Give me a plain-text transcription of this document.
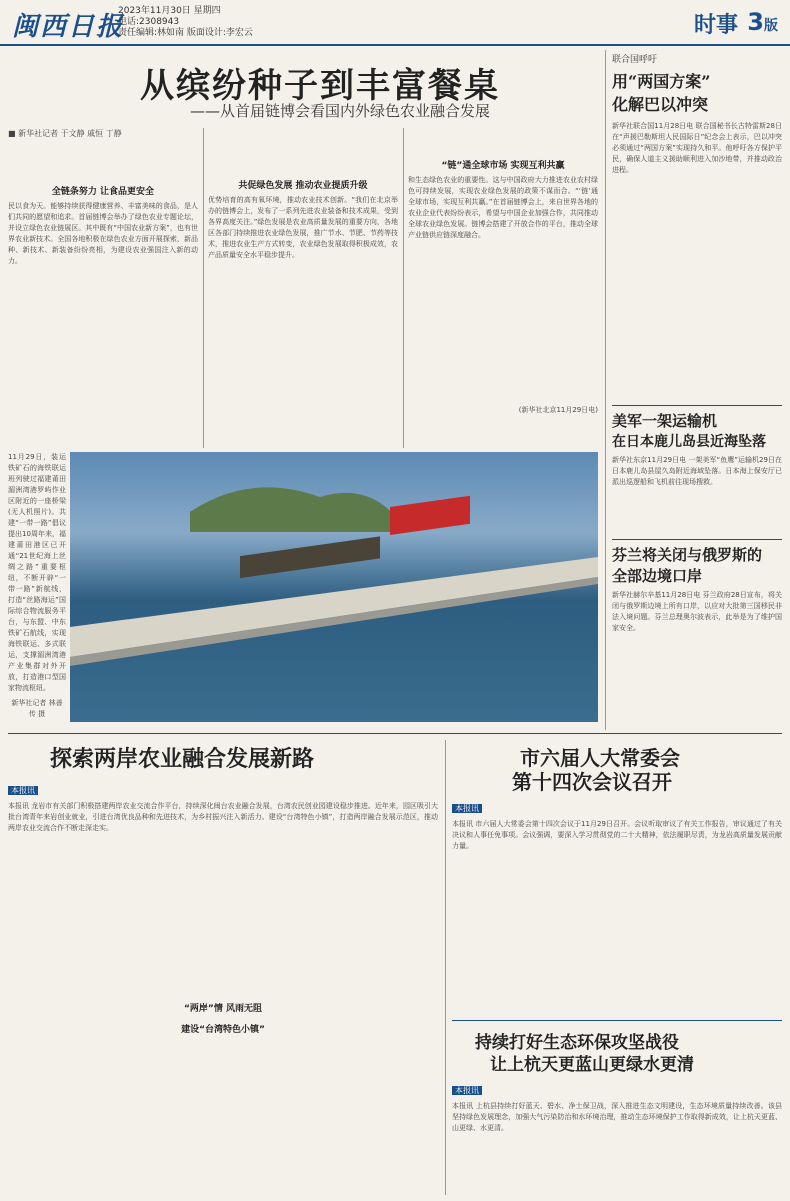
闽西日报
2023年11月30日 星期四
电话:2308943
责任编辑:林如南 版面设计:李宏云	时事 3版
从缤纷种子到丰富餐桌
——从首届链博会看国内外绿色农业融合发展
■ 新华社记者 于文静 戚恒 丁静
全链条努力 让食品更安全
民以食为天。能够持续获得健康营养、丰富美味的食品，是人们共同的愿望和追求。首届链博会举办了绿色农业专题论坛，并设立绿色农业链展区。其中既有“中国农业新方案”，也有世界农业新技术。全国各地积极在绿色农业方面开展探索，新品种、新技术、新装备纷纷亮相，为建设农业强国注入新的动力。
共促绿色发展 推动农业提质升级
优势培育的高有氧环境，推动农业技术创新。“我们在北京举办的链博会上，发布了一系列先进农业装备和技术成果，受到各界高度关注。”绿色发展是农业高质量发展的重要方向，各地区各部门持续推进农业绿色发展，推广节水、节肥、节药等技术，推进农业生产方式转变，农业绿色发展取得积极成效，农产品质量安全水平稳步提升。
“链”通全球市场 实现互利共赢
和生态绿色农业的重要性。这与中国政府大力推进农业农村绿色可持续发展，实现农业绿色发展的政策不谋而合。“‘链’通全球市场，实现互利共赢。”在首届链博会上，来自世界各地的农业企业代表纷纷表示，希望与中国企业加强合作，共同推动全球农业绿色发展。链博会搭建了开放合作的平台，推动全球产业链供应链深度融合。
(新华社北京11月29日电)
11月29日，装运铁矿石的海铁联运班列驶过福建莆田湄洲湾港罗屿作业区附近的一座桥梁(无人机照片)。共建“一带一路”倡议提出10周年来，福建莆田港区已开通“21世纪海上丝绸之路”重要枢纽，不断开辟“一带一路”新航线，打造“丝路海运”国际综合物流服务平台，与东盟、中东铁矿石航线，实现海铁联运、多式联运，支撑湄洲湾港产业集群对外开放，打造港口型国家物流枢纽。
新华社记者 林善传 摄
联合国呼吁
用“两国方案”
化解巴以冲突
新华社联合国11月28日电 联合国秘书长古特雷斯28日在“声援巴勒斯坦人民国际日”纪念会上表示，巴以冲突必须通过“两国方案”实现持久和平。他呼吁各方保护平民，确保人道主义援助顺利进入加沙地带，并推动政治进程。
美军一架运输机
在日本鹿儿岛县近海坠落
新华社东京11月29日电 一架美军“鱼鹰”运输机29日在日本鹿儿岛县屋久岛附近海域坠落。日本海上保安厅已派出巡逻船和飞机前往现场搜救。
芬兰将关闭与俄罗斯的
全部边境口岸
新华社赫尔辛基11月28日电 芬兰政府28日宣布，将关闭与俄罗斯边境上所有口岸，以应对大批第三国移民非法入境问题。芬兰总理奥尔波表示，此举是为了维护国家安全。
探索两岸农业融合发展新路
本报讯
本报讯 龙岩市有关部门积极搭建两岸农业交流合作平台，持续深化闽台农业融合发展，台湾农民创业园建设稳步推进。近年来，园区吸引大批台湾青年来岩创业就业，引进台湾优良品种和先进技术，为乡村振兴注入新活力。建设“台湾特色小镇”，打造两岸融合发展示范区，推动两岸农业交流合作不断走深走实。
“两岸”情 风雨无阻
建设“台湾特色小镇”
市六届人大常委会
第十四次会议召开
本报讯
本报讯 市六届人大常委会第十四次会议于11月29日召开。会议听取审议了有关工作报告，审议通过了有关决议和人事任免事项。会议强调，要深入学习贯彻党的二十大精神，依法履职尽责，为龙岩高质量发展贡献力量。
持续打好生态环保攻坚战役
让上杭天更蓝山更绿水更清
本报讯
本报讯 上杭县持续打好蓝天、碧水、净土保卫战，深入推进生态文明建设，生态环境质量持续改善。该县坚持绿色发展理念，加强大气污染防治和水环境治理，推动生态环境保护工作取得新成效，让上杭天更蓝、山更绿、水更清。
